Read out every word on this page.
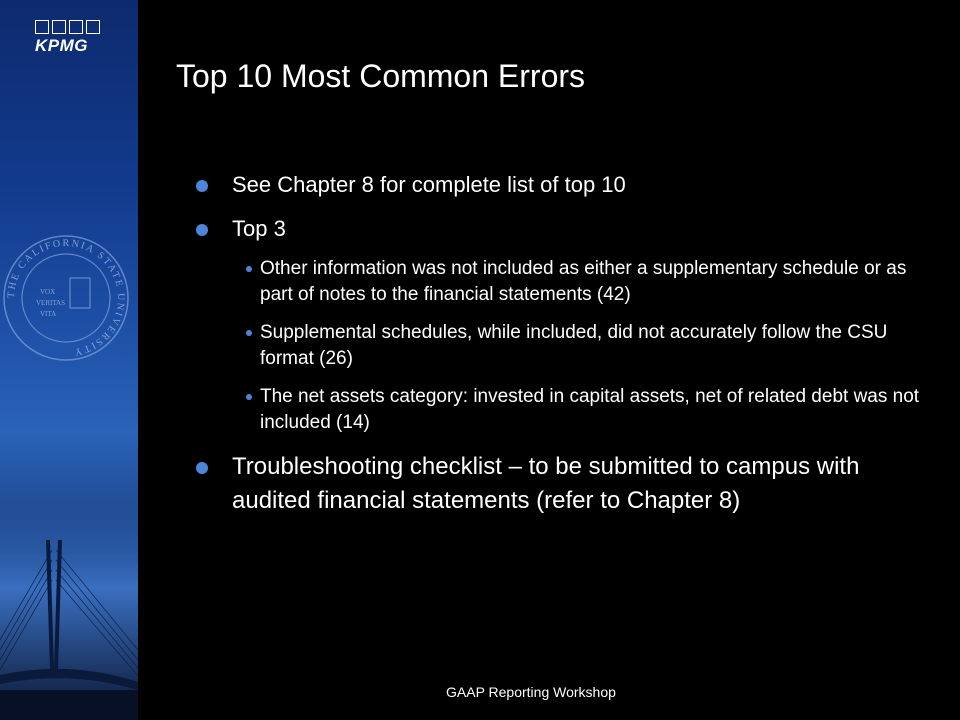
KPMG
THE CALIFORNIA STATE UNIVERSITY
VOX
VERITAS
VITA
Top 10 Most Common Errors
See Chapter 8 for complete list of top 10
Top 3
Other information was not included as either a supplementary schedule or as part of notes to the financial statements (42)
Supplemental schedules, while included, did not accurately follow the CSU format (26)
The net assets category: invested in capital assets, net of related debt was not included (14)
Troubleshooting checklist – to be submitted to campus with audited financial statements (refer to Chapter 8)
GAAP Reporting Workshop
